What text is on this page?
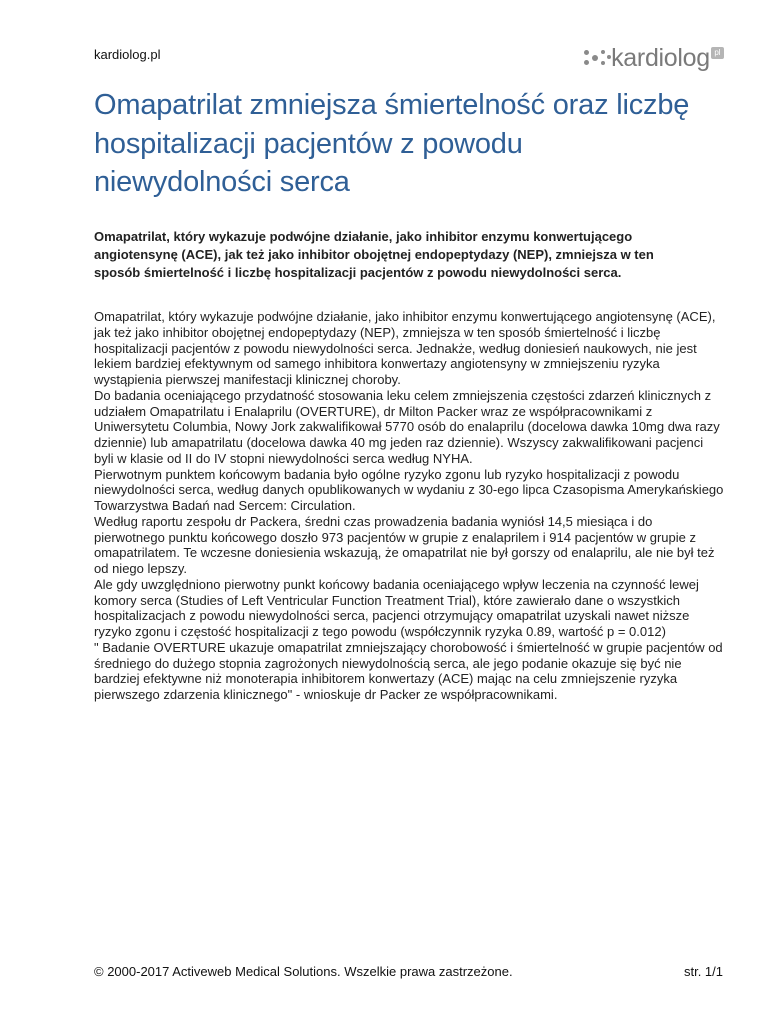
kardiolog.pl	kardiolog pl
Omapatrilat zmniejsza śmiertelność oraz liczbę hospitalizacji pacjentów z powodu niewydolności serca

Omapatrilat, który wykazuje podwójne działanie, jako inhibitor enzymu konwertującego angiotensynę (ACE), jak też jako inhibitor obojętnej endopeptydazy (NEP), zmniejsza w ten sposób śmiertelność i liczbę hospitalizacji pacjentów z powodu niewydolności serca.

Omapatrilat, który wykazuje podwójne działanie, jako inhibitor enzymu konwertującego angiotensynę (ACE), jak też jako inhibitor obojętnej endopeptydazy (NEP), zmniejsza w ten sposób śmiertelność i liczbę hospitalizacji pacjentów z powodu niewydolności serca. Jednakże, według doniesień naukowych, nie jest lekiem bardziej efektywnym od samego inhibitora konwertazy angiotensyny w zmniejszeniu ryzyka wystąpienia pierwszej manifestacji klinicznej choroby.

Do badania oceniającego przydatność stosowania leku celem zmniejszenia częstości zdarzeń klinicznych z udziałem Omapatrilatu i Enalaprilu (OVERTURE), dr Milton Packer wraz ze współpracownikami z Uniwersytetu Columbia, Nowy Jork zakwalifikował 5770 osób do enalaprilu (docelowa dawka 10mg dwa razy dziennie) lub amapatrilatu (docelowa dawka 40 mg jeden raz dziennie). Wszyscy zakwalifikowani pacjenci byli w klasie od II do IV stopni niewydolności serca według NYHA.

Pierwotnym punktem końcowym badania było ogólne ryzyko zgonu lub ryzyko hospitalizacji z powodu niewydolności serca, według danych opublikowanych w wydaniu z 30-ego lipca Czasopisma Amerykańskiego Towarzystwa Badań nad Sercem: Circulation.

Według raportu zespołu dr Packera, średni czas prowadzenia badania wyniósł 14,5 miesiąca i do pierwotnego punktu końcowego doszło 973 pacjentów w grupie z enalaprilem i 914 pacjentów w grupie z omapatrilatem. Te wczesne doniesienia wskazują, że omapatrilat nie był gorszy od enalaprilu, ale nie był też od niego lepszy.

Ale gdy uwzględniono pierwotny punkt końcowy badania oceniającego wpływ leczenia na czynność lewej komory serca (Studies of Left Ventricular Function Treatment Trial), które zawierało dane o wszystkich hospitalizacjach z powodu niewydolności serca, pacjenci otrzymujący omapatrilat uzyskali nawet niższe ryzyko zgonu i częstość hospitalizacji z tego powodu (współczynnik ryzyka 0.89, wartość p = 0.012)

" Badanie OVERTURE ukazuje omapatrilat zmniejszający chorobowość i śmiertelność w grupie pacjentów od średniego do dużego stopnia zagrożonych niewydolnością serca, ale jego podanie okazuje się być nie bardziej efektywne niż monoterapia inhibitorem konwertazy (ACE) mając na celu zmniejszenie ryzyka pierwszego zdarzenia klinicznego" - wnioskuje dr Packer ze współpracownikami.

© 2000-2017 Activeweb Medical Solutions. Wszelkie prawa zastrzeżone.	str. 1/1
